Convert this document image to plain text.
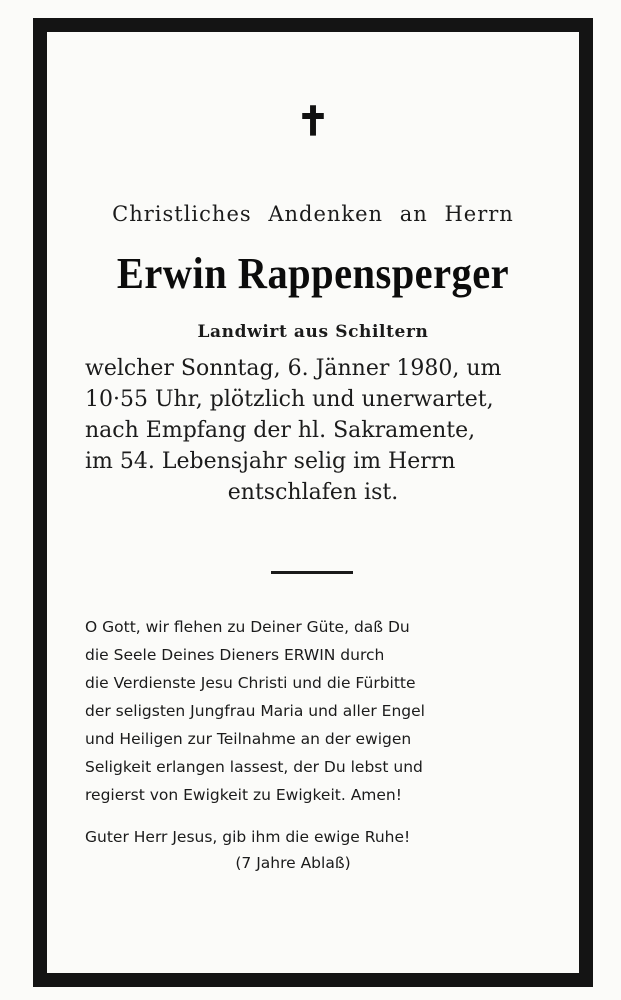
✝
Christliches Andenken an Herrn
Erwin Rappensperger
Landwirt aus Schiltern
welcher Sonntag, 6. Jänner 1980, um
10·55 Uhr, plötzlich und unerwartet,
nach Empfang der hl. Sakramente,
im 54. Lebensjahr selig im Herrn
entschlafen ist.
O Gott, wir flehen zu Deiner Güte, daß Du
die Seele Deines Dieners ERWIN durch
die Verdienste Jesu Christi und die Fürbitte
der seligsten Jungfrau Maria und aller Engel
und Heiligen zur Teilnahme an der ewigen
Seligkeit erlangen lassest, der Du lebst und
regierst von Ewigkeit zu Ewigkeit. Amen!
Guter Herr Jesus, gib ihm die ewige Ruhe!
(7 Jahre Ablaß)
